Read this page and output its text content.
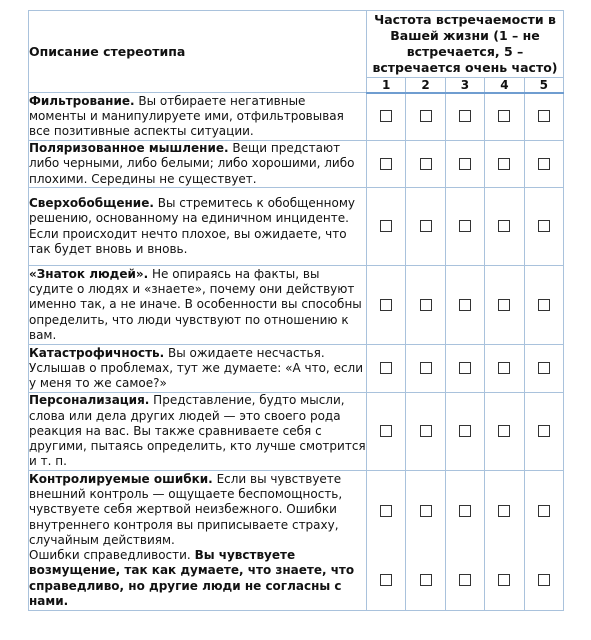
Описание стереотипа	Частота встречаемости в Вашей жизни (1 – не встречается, 5 – встречается очень часто)				
	1	2	3	4	5
Фильтрование. Вы отбираете негативные моменты и манипулируете ими, отфильтровывая все позитивные аспекты ситуации.					
Поляризованное мышление. Вещи предстают либо черными, либо белыми; либо хорошими, либо плохими. Середины не существует.					
Сверхобобщение. Вы стремитесь к обобщенному решению, основанному на единичном инциденте. Если происходит нечто плохое, вы ожидаете, что так будет вновь и вновь.					
«Знаток людей». Не опираясь на факты, вы судите о людях и «знаете», почему они действуют именно так, а не иначе. В особенности вы способны определить, что люди чувствуют по отношению к вам.					
Катастрофичность. Вы ожидаете несчастья. Услышав о проблемах, тут же думаете: «А что, если у меня то же самое?»					
Персонализация. Представление, будто мысли, слова или дела других людей — это своего рода реакция на вас. Вы также сравниваете себя с другими, пытаясь определить, кто лучше смотрится и т. п.					
Контролируемые ошибки. Если вы чувствуете внешний контроль — ощущаете беспомощность, чувствуете себя жертвой неизбежного. Ошибки внутреннего контроля вы приписываете страху, случайным действиям.
Ошибки справедливости. Вы чувствуете возмущение, так как думаете, что знаете, что справедливо, но другие люди не согласны с нами.	
